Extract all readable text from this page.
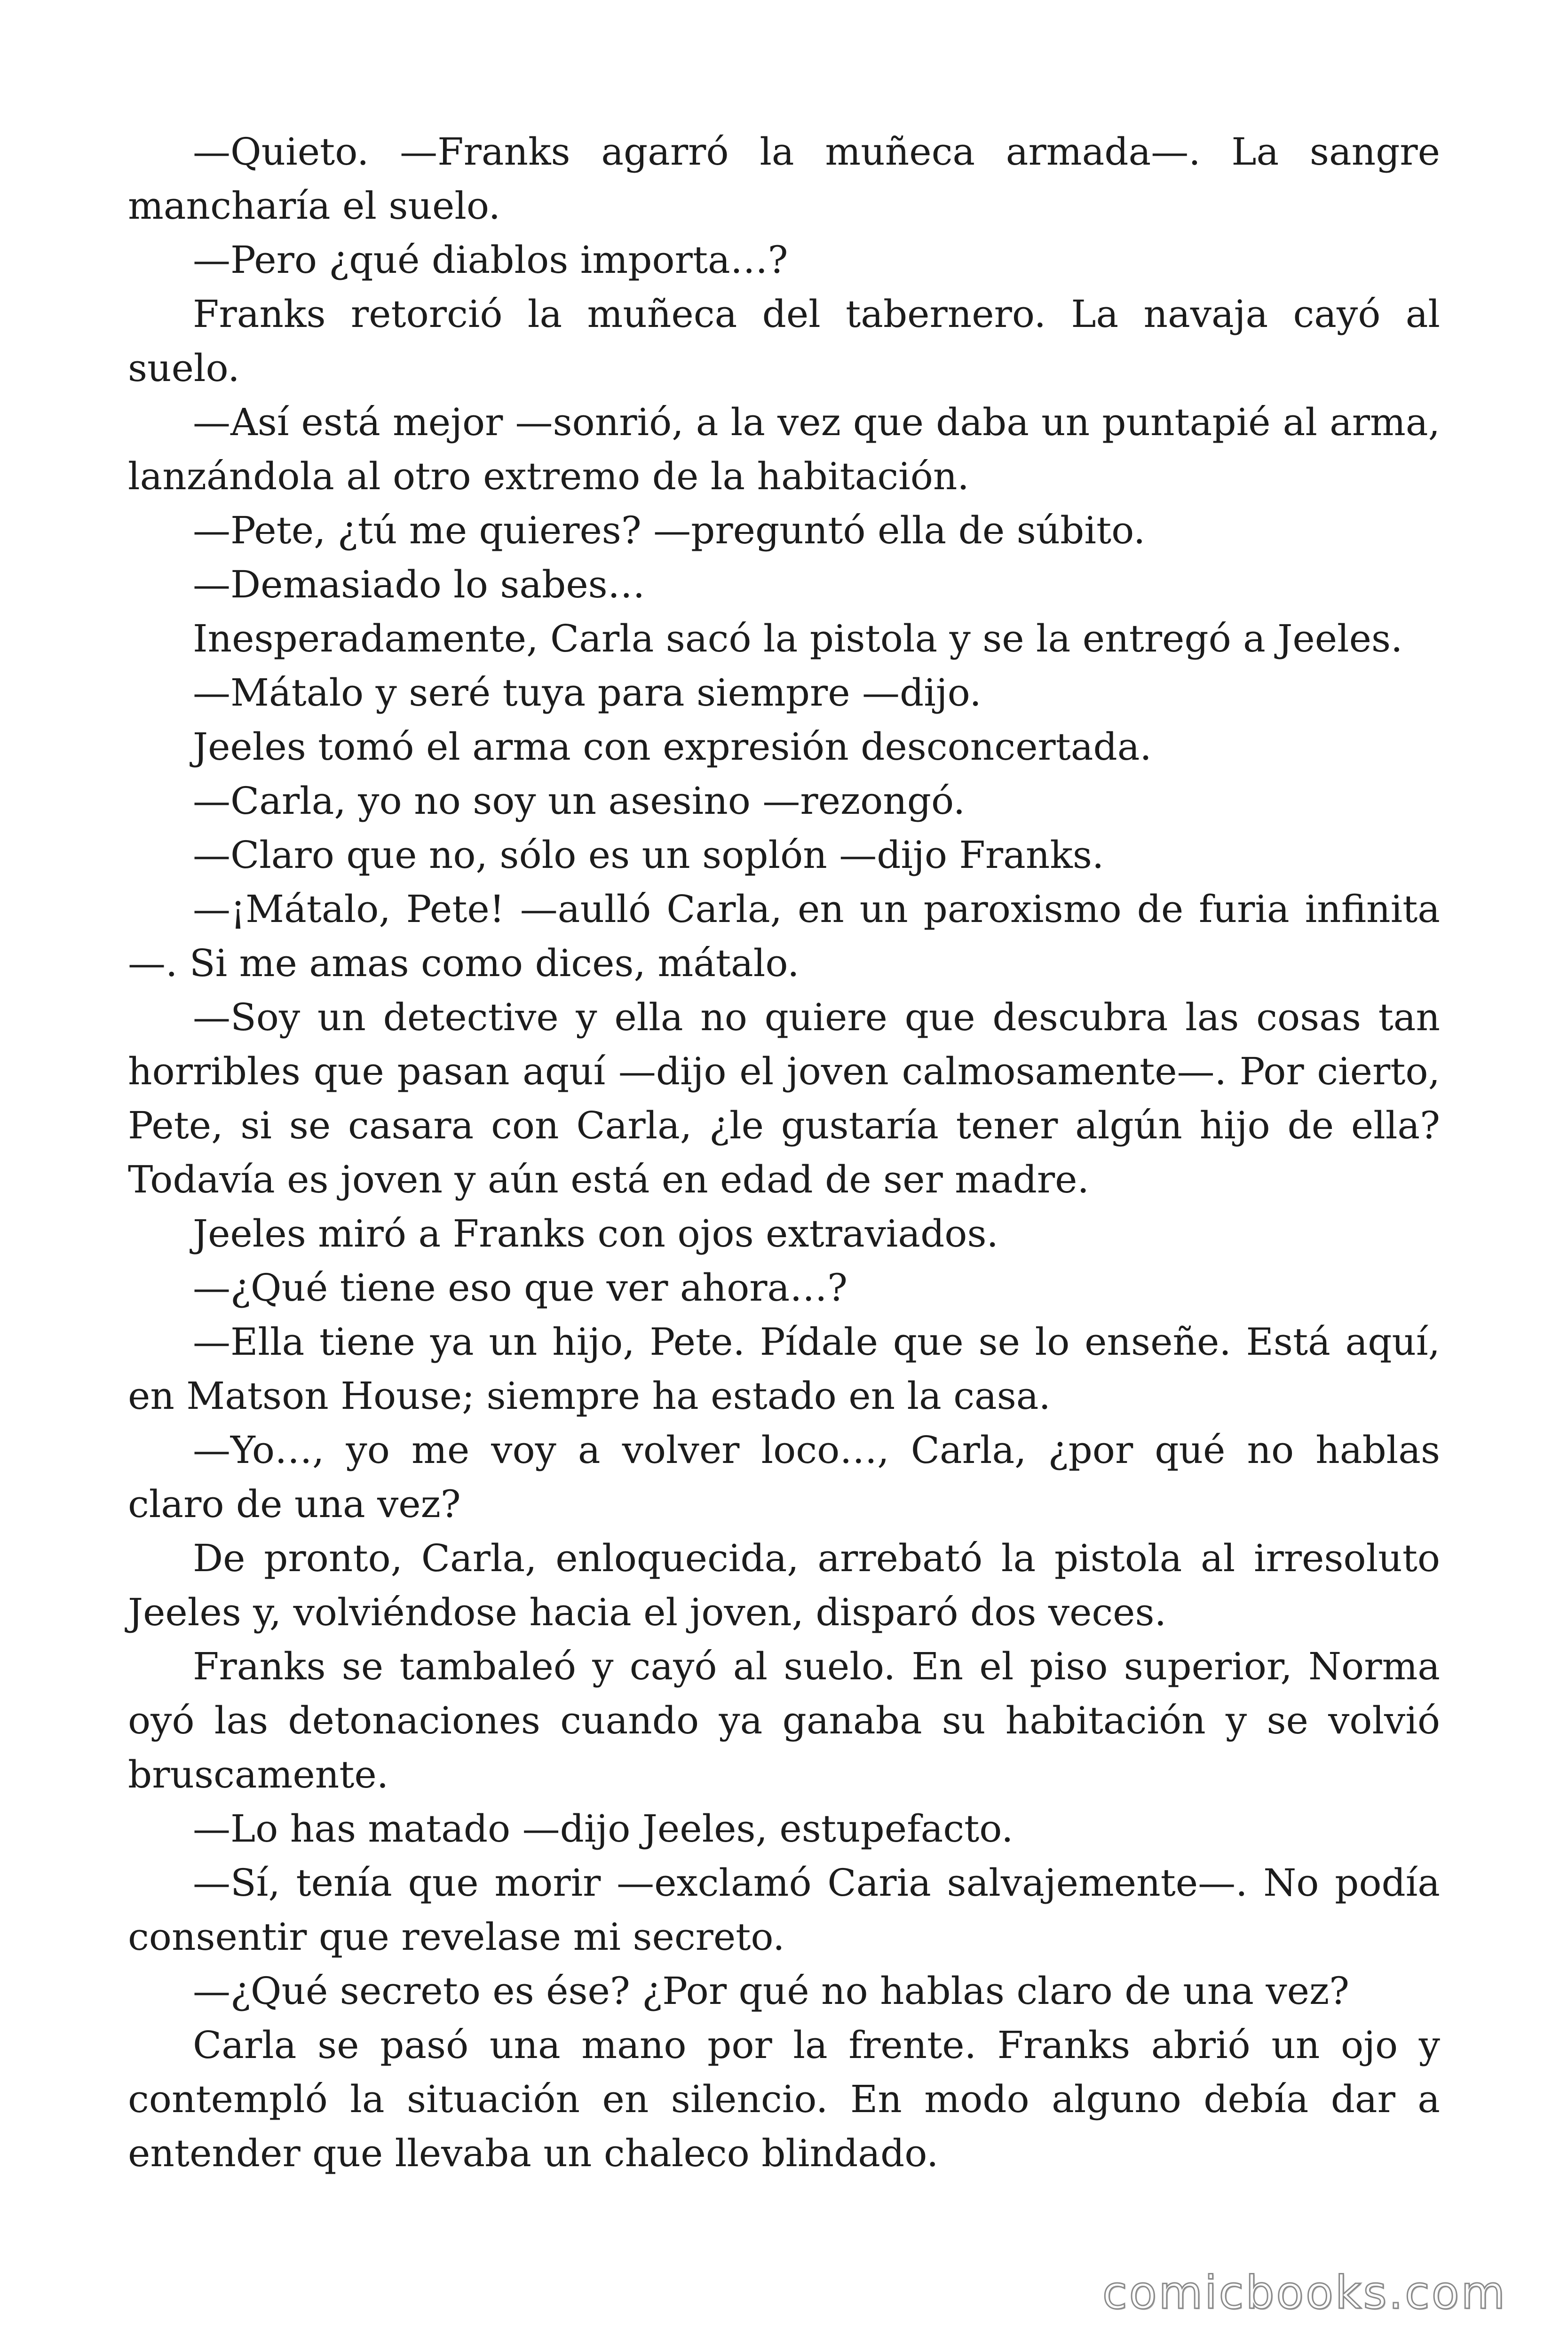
—Quieto. —Franks agarró la muñeca armada—. La sangre mancharía el suelo.

—Pero ¿qué diablos importa…?

Franks retorció la muñeca del tabernero. La navaja cayó al suelo.

—Así está mejor —sonrió, a la vez que daba un puntapié al arma, lanzándola al otro extremo de la habitación.

—Pete, ¿tú me quieres? —preguntó ella de súbito.

—Demasiado lo sabes…

Inesperadamente, Carla sacó la pistola y se la entregó a Jeeles.

—Mátalo y seré tuya para siempre —dijo.

Jeeles tomó el arma con expresión desconcertada.

—Carla, yo no soy un asesino —rezongó.

—Claro que no, sólo es un soplón —dijo Franks.

—¡Mátalo, Pete! —aulló Carla, en un paroxismo de furia infinita —. Si me amas como dices, mátalo.

—Soy un detective y ella no quiere que descubra las cosas tan horribles que pasan aquí —dijo el joven calmosamente—. Por cierto, Pete, si se casara con Carla, ¿le gustaría tener algún hijo de ella? Todavía es joven y aún está en edad de ser madre.

Jeeles miró a Franks con ojos extraviados.

—¿Qué tiene eso que ver ahora…?

—Ella tiene ya un hijo, Pete. Pídale que se lo enseñe. Está aquí, en Matson House; siempre ha estado en la casa.

—Yo…, yo me voy a volver loco…, Carla, ¿por qué no hablas claro de una vez?

De pronto, Carla, enloquecida, arrebató la pistola al irresoluto Jeeles y, volviéndose hacia el joven, disparó dos veces.

Franks se tambaleó y cayó al suelo. En el piso superior, Norma oyó las detonaciones cuando ya ganaba su habitación y se volvió bruscamente.

—Lo has matado —dijo Jeeles, estupefacto.

—Sí, tenía que morir —exclamó Caria salvajemente—. No podía consentir que revelase mi secreto.

—¿Qué secreto es ése? ¿Por qué no hablas claro de una vez?

Carla se pasó una mano por la frente. Franks abrió un ojo y contempló la situación en silencio. En modo alguno debía dar a entender que llevaba un chaleco blindado.

comicbooks.com
